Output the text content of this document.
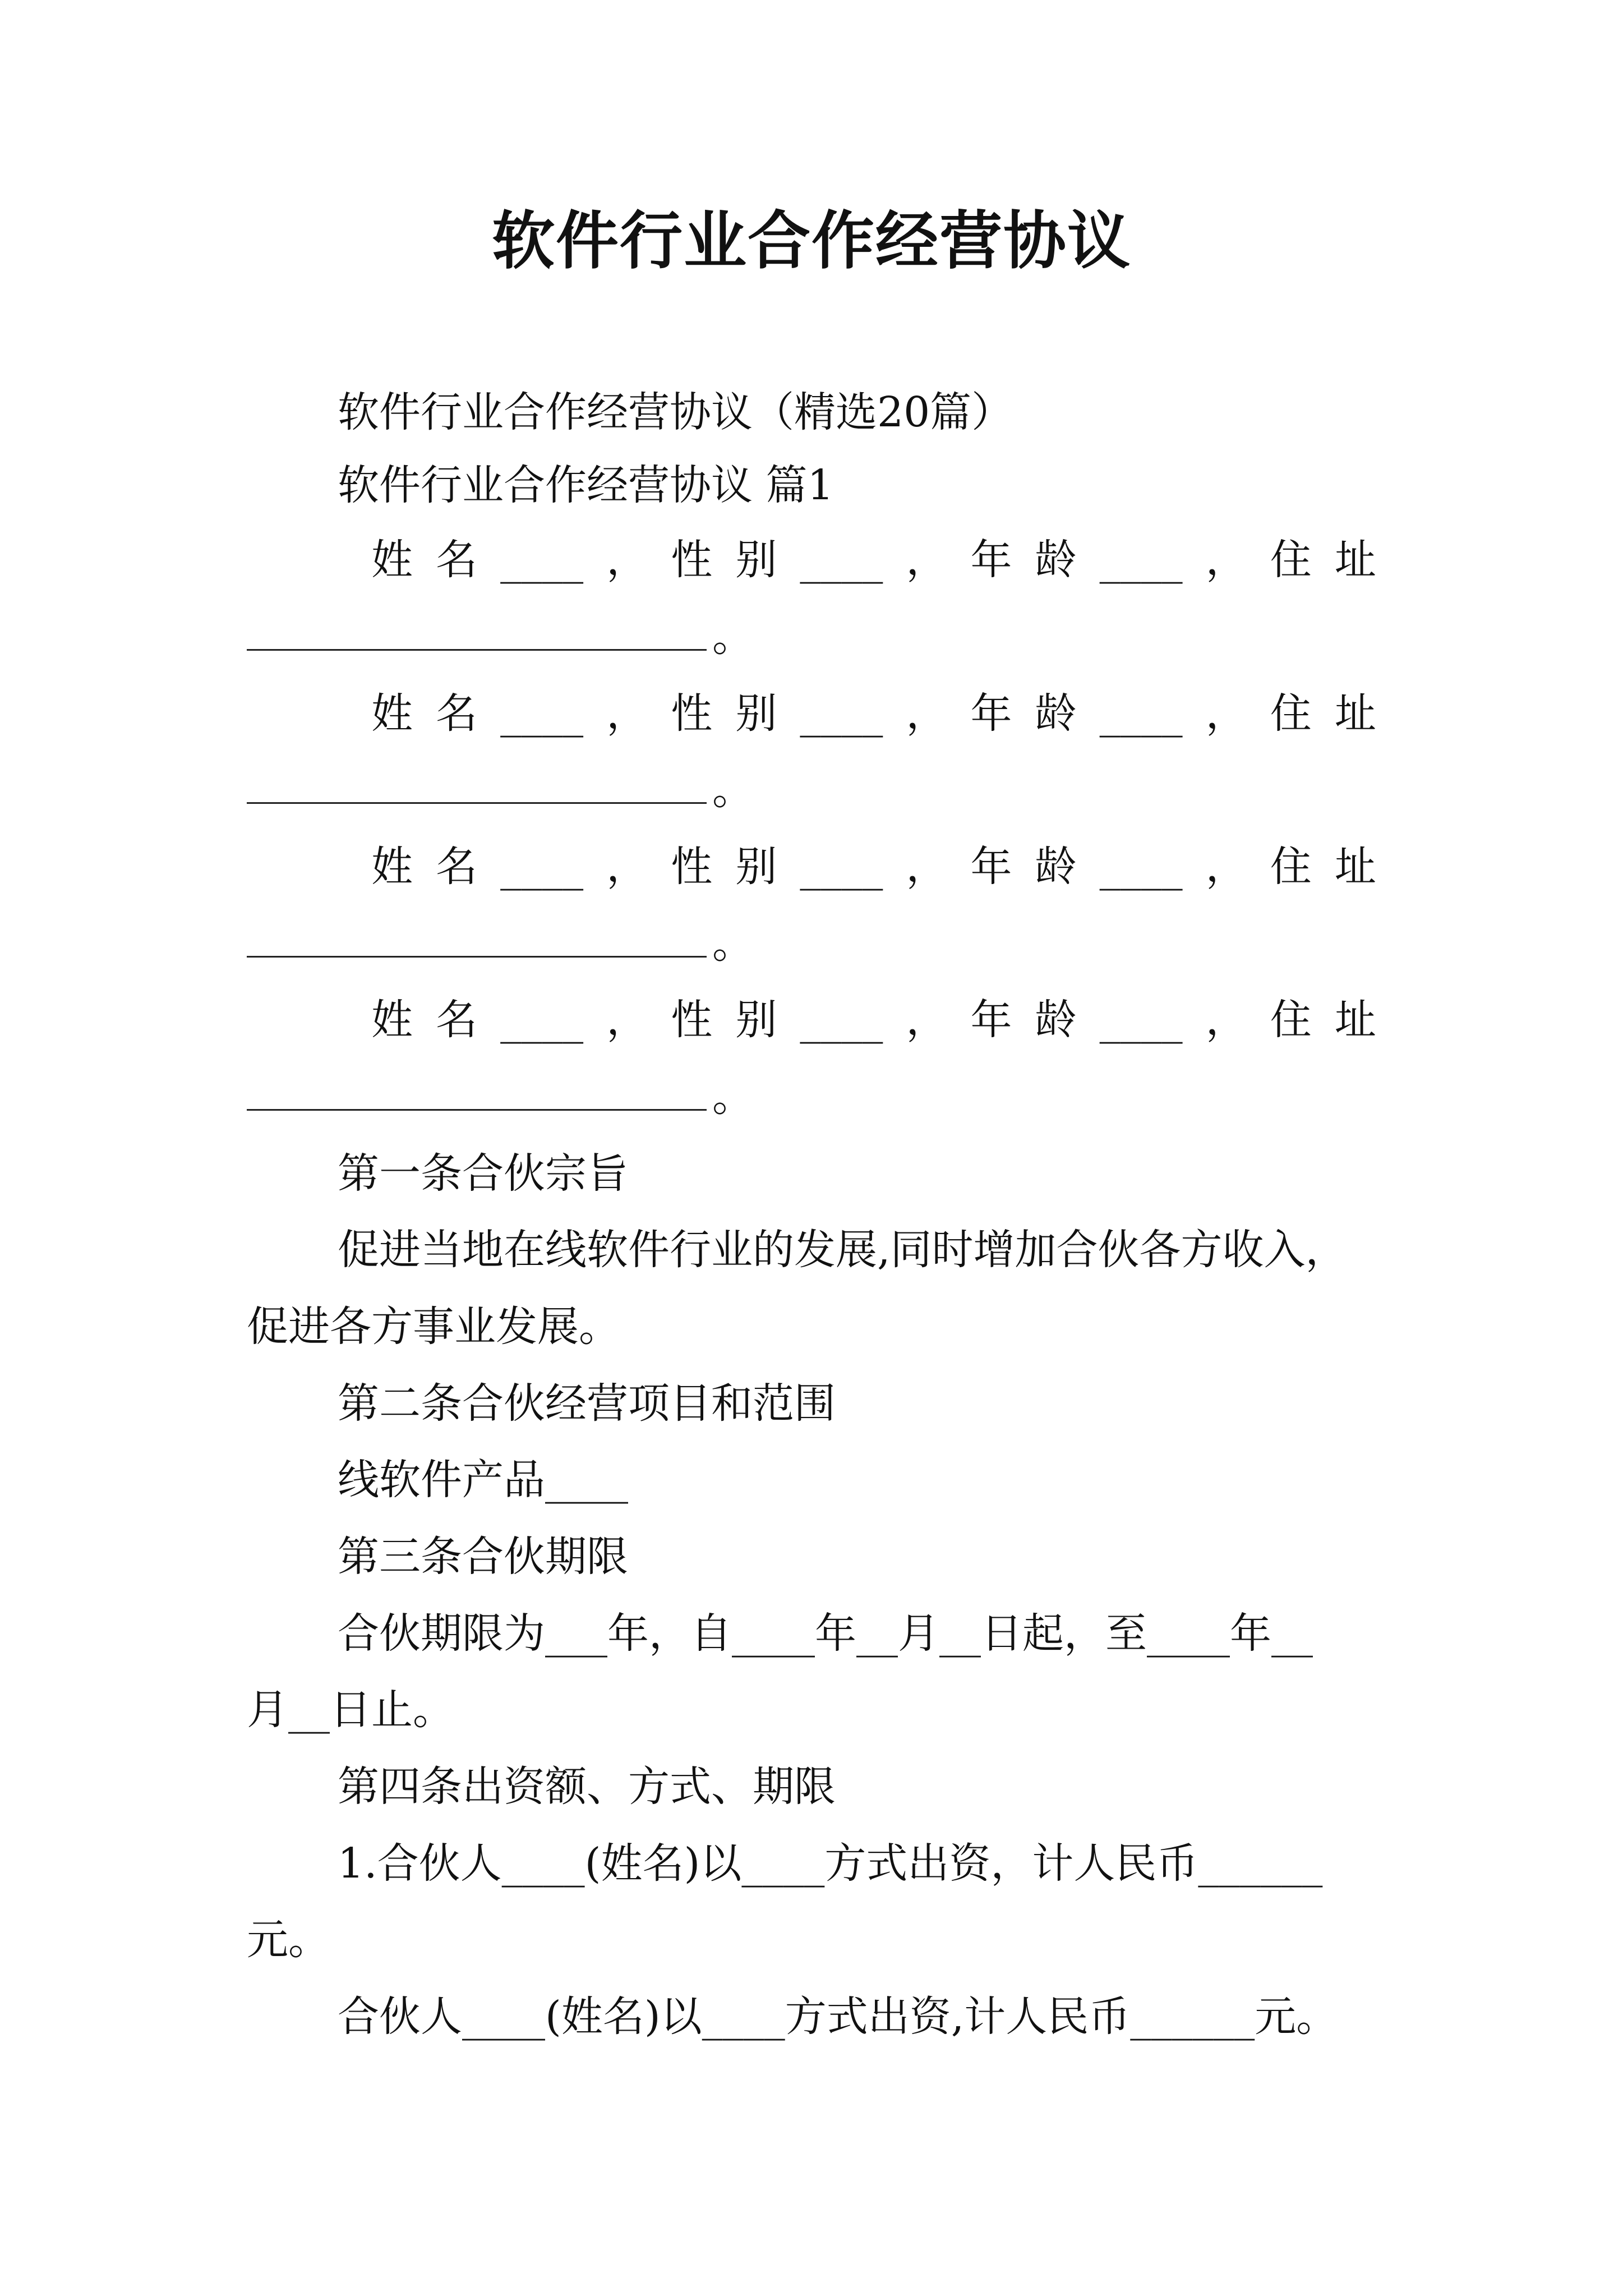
软件行业合作经营协议
软件行业合作经营协议（精选20篇）
软件行业合作经营协议 篇1
姓 名 ____ ， 性 别 ____ ， 年 龄 ____ ， 住 址
。
姓 名 ____ ， 性 别 ____ ， 年 龄 ____ ， 住 址
。
姓 名 ____ ， 性 别 ____ ， 年 龄 ____ ， 住 址
。
姓 名 ____ ， 性 别 ____ ， 年 龄 ____ ， 住 址
。
第一条合伙宗旨
促进当地在线软件行业的发展,同时增加合伙各方收入，
促进各方事业发展。
第二条合伙经营项目和范围
线软件产品____
第三条合伙期限
合伙期限为___年，自____年__月__日起，至____年__
月__日止。
第四条出资额、方式、期限
1.合伙人____(姓名)以____方式出资，计人民币______
元。
合伙人____(姓名)以____方式出资,计人民币______元。
